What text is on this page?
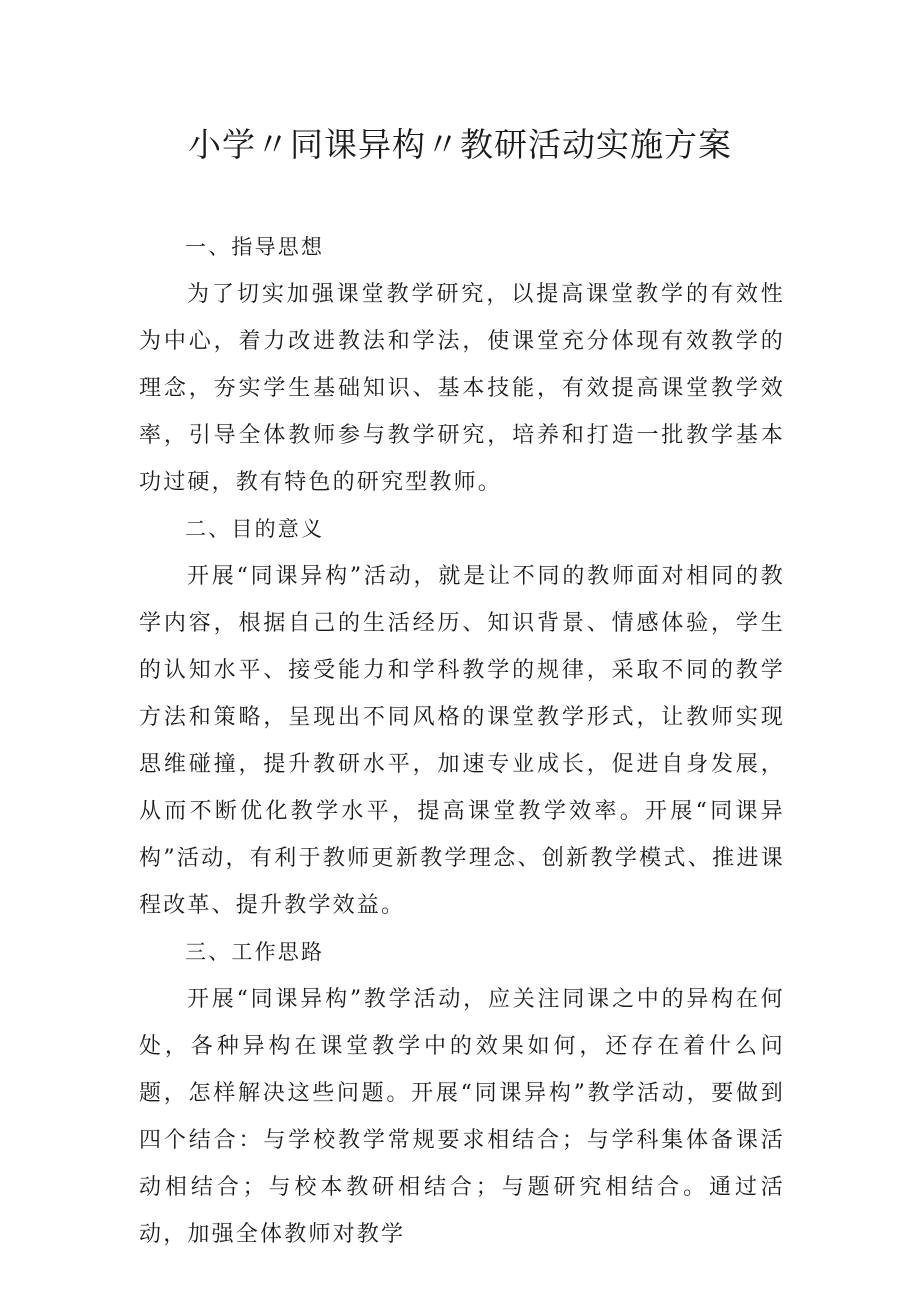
小学〃同课异构〃教研活动实施方案
一、指导思想

为了切实加强课堂教学研究，以提高课堂教学的有效性为中心，着力改进教法和学法，使课堂充分体现有效教学的理念，夯实学生基础知识、基本技能，有效提高课堂教学效率，引导全体教师参与教学研究，培养和打造一批教学基本功过硬，教有特色的研究型教师。

二、目的意义

开展“同课异构”活动，就是让不同的教师面对相同的教学内容，根据自己的生活经历、知识背景、情感体验，学生的认知水平、接受能力和学科教学的规律，采取不同的教学方法和策略，呈现出不同风格的课堂教学形式，让教师实现思维碰撞，提升教研水平，加速专业成长，促进自身发展，从而不断优化教学水平，提高课堂教学效率。开展“同课异构”活动，有利于教师更新教学理念、创新教学模式、推进课程改革、提升教学效益。

三、工作思路

开展“同课异构”教学活动，应关注同课之中的异构在何处，各种异构在课堂教学中的效果如何，还存在着什么问题，怎样解决这些问题。开展“同课异构”教学活动，要做到四个结合：与学校教学常规要求相结合；与学科集体备课活动相结合；与校本教研相结合；与题研究相结合。通过活动，加强全体教师对教学
